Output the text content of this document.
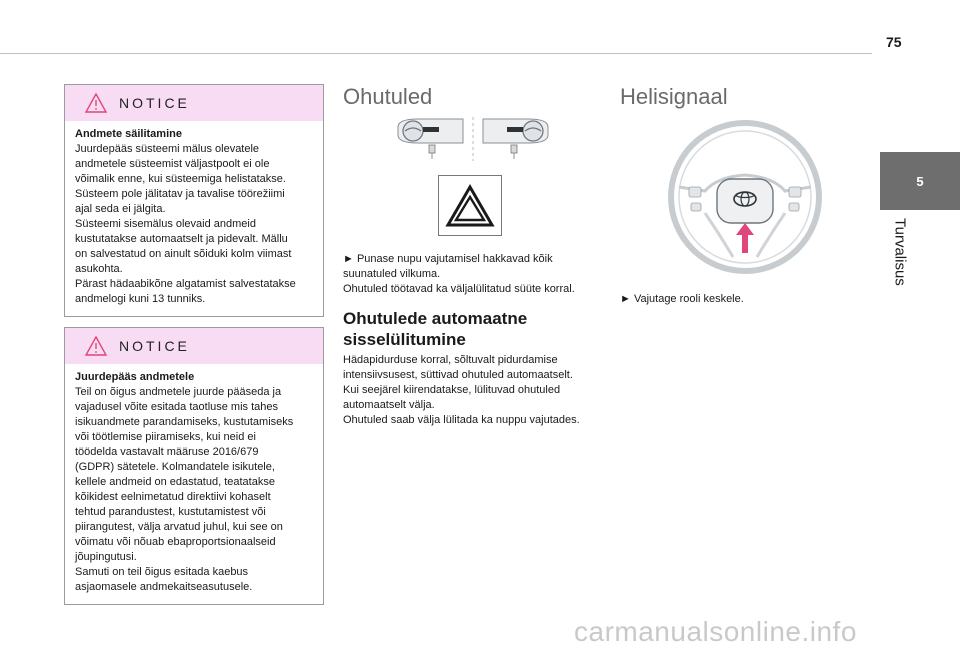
75
5
Turvalisus
NOTICE
Andmete säilitamine
Juurdepääs süsteemi mälus olevatele
andmetele süsteemist väljastpoolt ei ole
võimalik enne, kui süsteemiga helistatakse.
Süsteem pole jälitatav ja tavalise töörežiimi
ajal seda ei jälgita.
Süsteemi sisemälus olevaid andmeid
kustutatakse automaatselt ja pidevalt. Mällu
on salvestatud on ainult sõiduki kolm viimast
asukohta.
Pärast hädaabikõne algatamist salvestatakse
andmelogi kuni 13 tunniks.
NOTICE
Juurdepääs andmetele
Teil on õigus andmetele juurde pääseda ja
vajadusel võite esitada taotluse mis tahes
isikuandmete parandamiseks, kustutamiseks
või töötlemise piiramiseks, kui neid ei
töödelda vastavalt määruse 2016/679
(GDPR) sätetele. Kolmandatele isikutele,
kellele andmeid on edastatud, teatatakse
kõikidest eelnimetatud direktiivi kohaselt
tehtud parandustest, kustutamistest või
piirangutest, välja arvatud juhul, kui see on
võimatu või nõuab ebaproportsionaalseid
jõupingutusi.
Samuti on teil õigus esitada kaebus
asjaomasele andmekaitseasutusele.
Ohutuled
► Punase nupu vajutamisel hakkavad kõik
suunatuled vilkuma.
Ohutuled töötavad ka väljalülitatud süüte korral.
Ohutulede automaatne
sisselülitumine
Hädapidurduse korral, sõltuvalt pidurdamise
intensiivsusest, süttivad ohutuled automaatselt.
Kui seejärel kiirendatakse, lülituvad ohutuled
automaatselt välja.
Ohutuled saab välja lülitada ka nuppu vajutades.
Helisignaal
► Vajutage rooli keskele.
carmanualsonline.info
